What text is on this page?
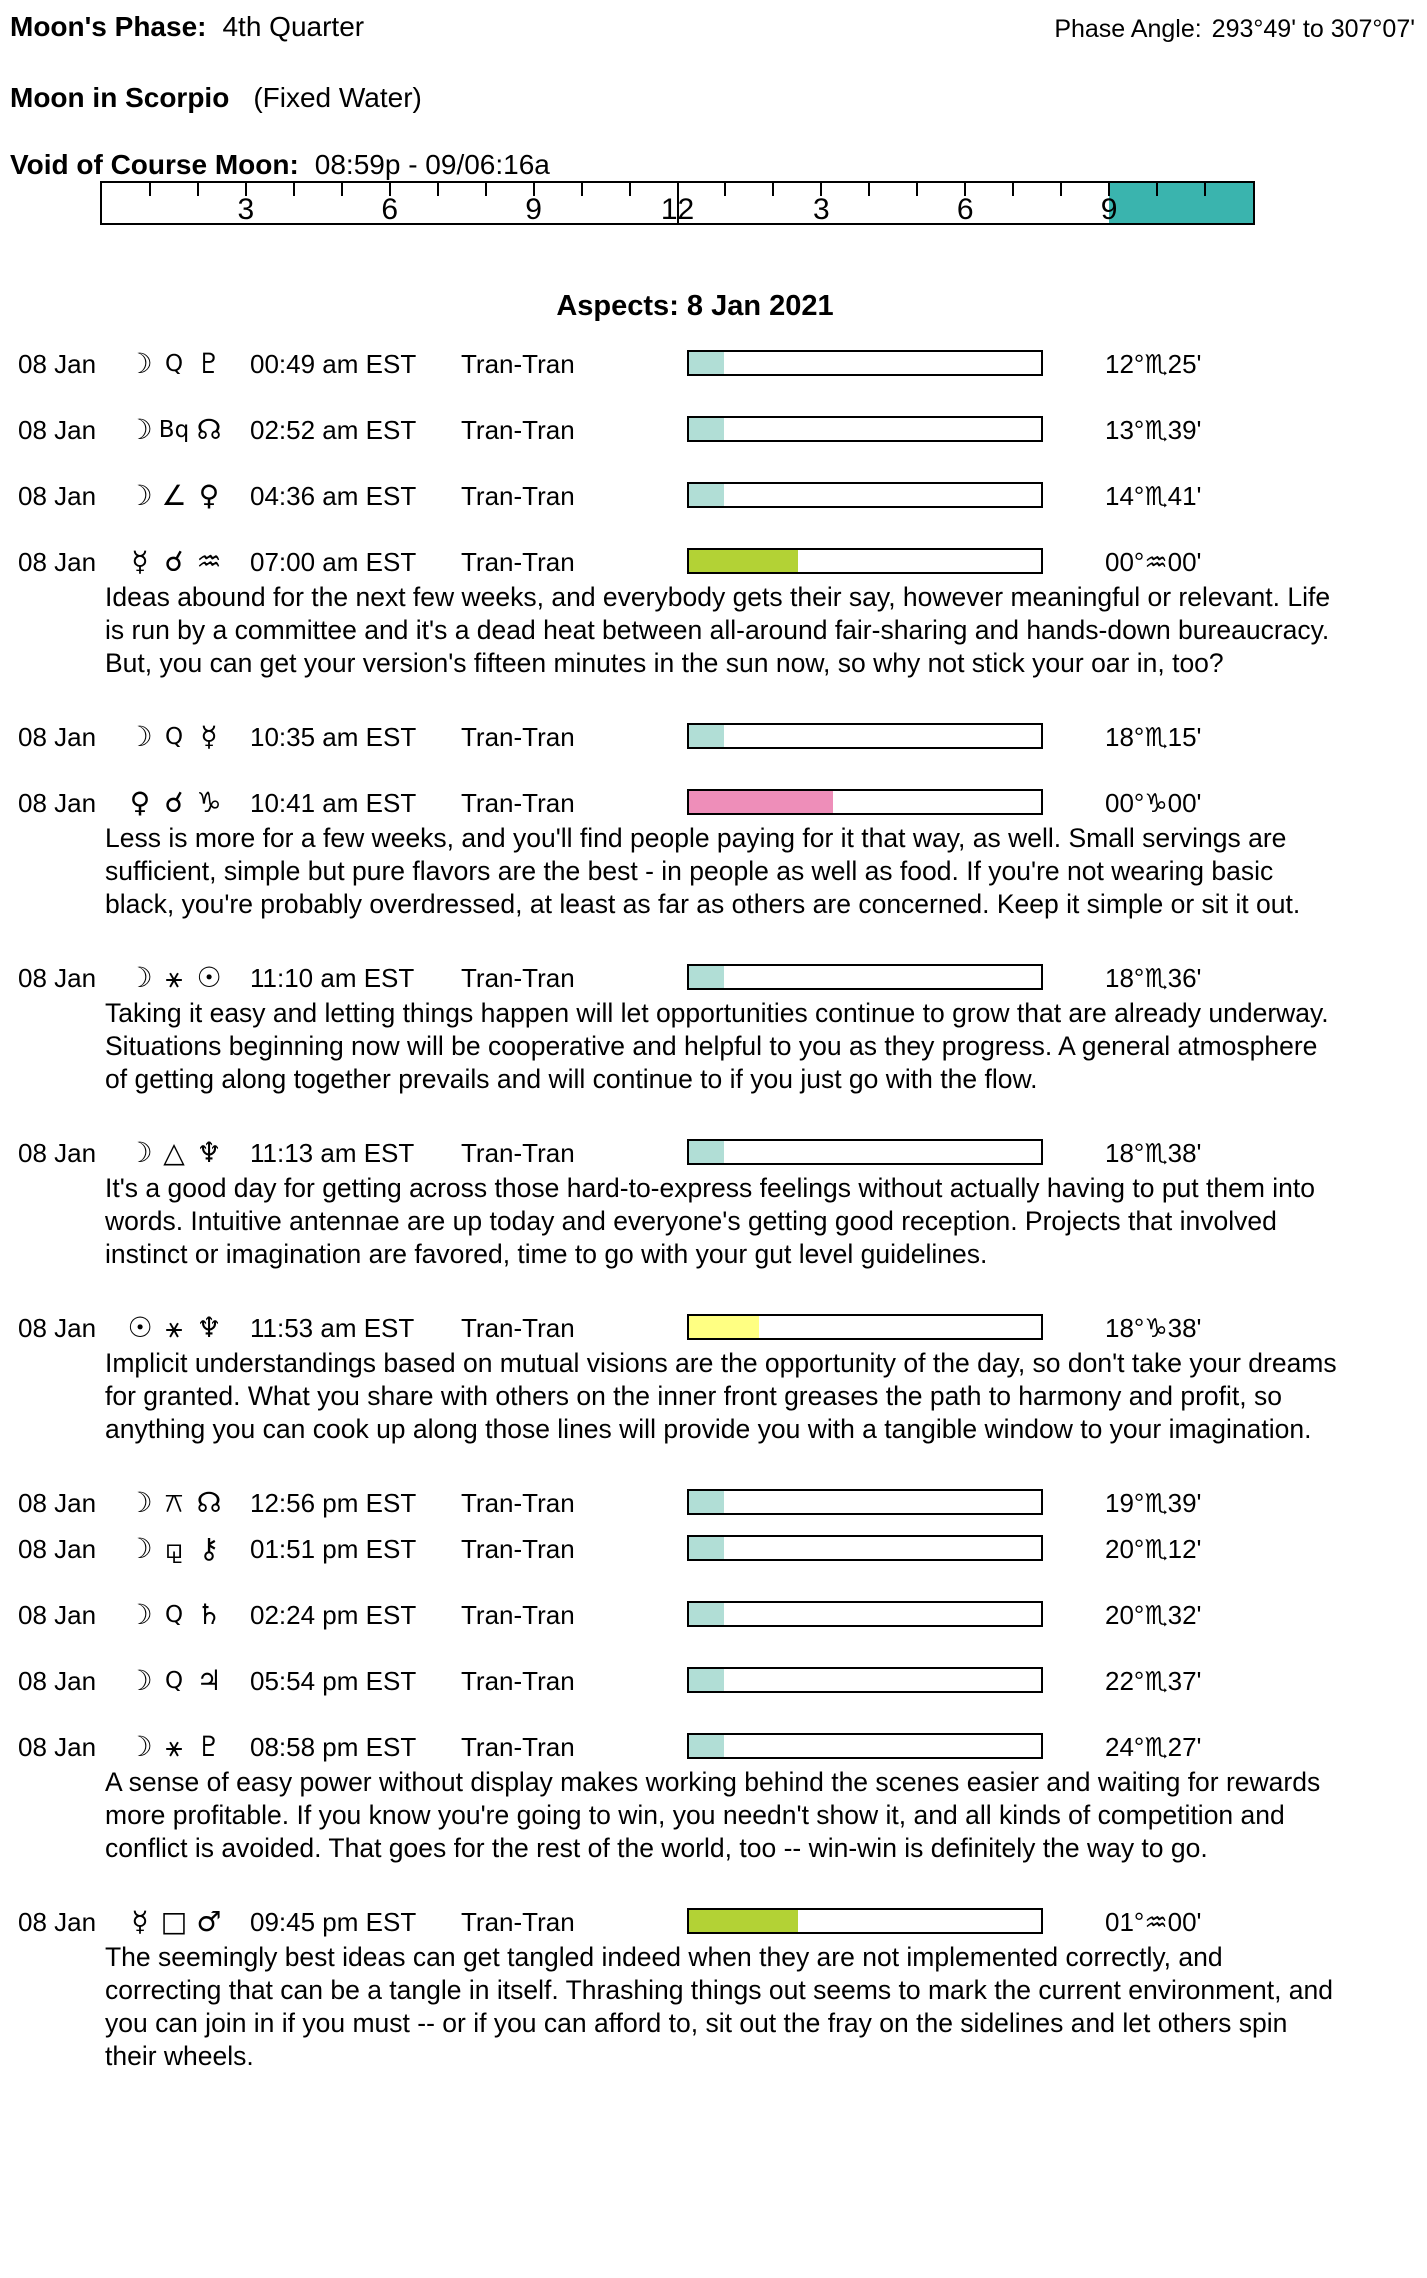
Moon's Phase: 4th Quarter	Phase Angle: 293°49' to 307°07'
Moon in Scorpio (Fixed Water)
Void of Course Moon: 08:59p - 09/06:16a
3	6	9	12	3	6	9
Aspects: 8 Jan 2021
08 Jan ☽ Q ♇ 00:49 am EST Tran-Tran	12°♏25'
08 Jan ☽ Bq ☊ 02:52 am EST Tran-Tran	13°♏39'
08 Jan ☽ ∠ ♀ 04:36 am EST Tran-Tran	14°♏41'
08 Jan	☿ ☌ ♒ 07:00 am EST Tran-Tran	00°♒00'

Ideas abound for the next few weeks, and everybody gets their say, however meaningful or relevant. Life is run by a committee and it's a dead heat between all-around fair-sharing and hands-down bureaucracy. But, you can get your version's fifteen minutes in the sun now, so why not stick your oar in, too?

08 Jan ☽ Q ☿	10:35 am EST Tran-Tran	18°♏15'
08 Jan ♀ ☌ ♑ 10:41 am EST Tran-Tran	00°♑00'

Less is more for a few weeks, and you'll find people paying for it that way, as well. Small servings are sufficient, simple but pure flavors are the best - in people as well as food. If you're not wearing basic black, you're probably overdressed, at least as far as others are concerned. Keep it simple or sit it out.

08 Jan ☽ ⚹ ☉ 11:10 am EST Tran-Tran	18°♏36'

Taking it easy and letting things happen will let opportunities continue to grow that are already underway. Situations beginning now will be cooperative and helpful to you as they progress. A general atmosphere of getting along together prevails and will continue to if you just go with the flow.

08 Jan ☽ △ ♆ 11:13 am EST Tran-Tran	18°♏38'

It's a good day for getting across those hard-to-express feelings without actually having to put them into words. Intuitive antennae are up today and everyone's getting good reception. Projects that involved instinct or imagination are favored, time to go with your gut level guidelines.

08 Jan ☉ ⚹ ♆ 11:53 am EST Tran-Tran	18°♑38'

Implicit understandings based on mutual visions are the opportunity of the day, so don't take your dreams for granted. What you share with others on the inner front greases the path to harmony and profit, so anything you can cook up along those lines will provide you with a tangible window to your imagination.

08 Jan ☽ ⚻ ☊ 12:56 pm EST Tran-Tran	19°♏39'
08 Jan ☽ ⚼ ⚷ 01:51 pm EST Tran-Tran	20°♏12'
08 Jan ☽ Q ♄ 02:24 pm EST Tran-Tran	20°♏32'
08 Jan ☽ Q ♃ 05:54 pm EST Tran-Tran	22°♏37'
08 Jan ☽ ⚹ ♇ 08:58 pm EST Tran-Tran	24°♏27'

A sense of easy power without display makes working behind the scenes easier and waiting for rewards more profitable. If you know you're going to win, you needn't show it, and all kinds of competition and conflict is avoided. That goes for the rest of the world, too -- win-win is definitely the way to go.

08 Jan	☿ □ ♂ 09:45 pm EST Tran-Tran	01°♒00'

The seemingly best ideas can get tangled indeed when they are not implemented correctly, and correcting that can be a tangle in itself. Thrashing things out seems to mark the current environment, and you can join in if you must -- or if you can afford to, sit out the fray on the sidelines and let others spin their wheels.
